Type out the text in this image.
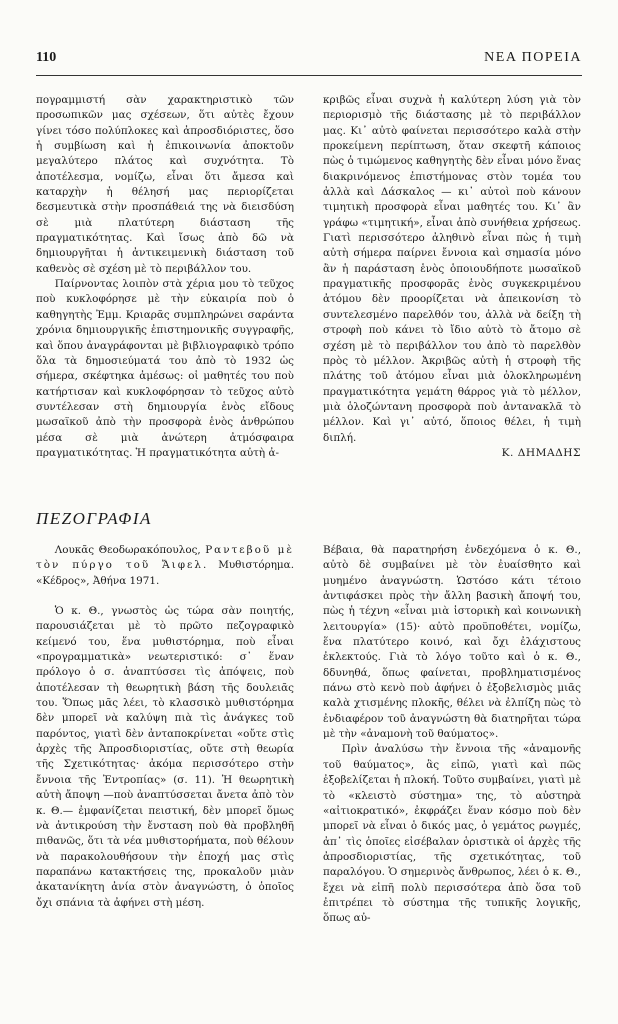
110	ΝΕΑ ΠΟΡΕΙΑ

πογραμμιστή σὰν χαρακτηριστικὸ τῶν προσωπικῶν μας σχέσεων, ὅτι αὐτὲς ἔχουν γίνει τόσο πολύπλοκες καὶ ἀπροσδιόριστες, ὅσο ἡ συμβίωση καὶ ἡ ἐπικοινωνία ἀποκτοῦν μεγαλύτερο πλάτος καὶ συχνότητα. Τὸ ἀποτέλεσμα, νομίζω, εἶναι ὅτι ἄμεσα καὶ καταρχὴν ἡ θέλησή μας περιορίζεται δεσμευτικὰ στὴν προσπάθειά της νὰ διεισδύση σὲ μιὰ πλατύτερη διάσταση τῆς πραγματικότητας. Καὶ ἴσως ἀπὸ δῶ νὰ δημιουργῆται ἡ ἀντικειμενικὴ διάσταση τοῦ καθενὸς σὲ σχέση μὲ τὸ περιβάλλον του.

Παίρνοντας λοιπὸν στὰ χέρια μου τὸ τεῦχος ποὺ κυκλοφόρησε μὲ τὴν εὐκαιρία ποὺ ὁ καθηγητὴς Ἐμμ. Κριαρᾶς συμπληρώνει σαράντα χρόνια δημιουργικῆς ἐπιστημονικῆς συγγραφῆς, καὶ ὅπου ἀναγράφονται μὲ βιβλιογραφικὸ τρόπο ὅλα τὰ δημοσιεύματά του ἀπὸ τὸ 1932 ὡς σήμερα, σκέφτηκα ἀμέσως: οἱ μαθητές του ποὺ κατήρτισαν καὶ κυκλοφόρησαν τὸ τεῦχος αὐτὸ συντέλεσαν στὴ δημιουργία ἑνὸς εἴδους μωσαϊκοῦ ἀπὸ τὴν προσφορὰ ἑνὸς ἀνθρώπου μέσα σὲ μιὰ ἀνώτερη ἀτμόσφαιρα πραγματικότητας. Ἡ πραγματικότητα αὐτὴ ἀ-

κριβῶς εἶναι συχνὰ ἡ καλύτερη λύση γιὰ τὸν περιορισμὸ τῆς διάστασης μὲ τὸ περιβάλλον μας. Κι᾽ αὐτὸ φαίνεται περισσότερο καλὰ στὴν προκείμενη περίπτωση, ὅταν σκεφτῆ κάποιος πὼς ὁ τιμώμενος καθηγητὴς δὲν εἶναι μόνο ἕνας διακρινόμενος ἐπιστήμονας στὸν τομέα του ἀλλὰ καὶ Δάσκαλος — κι᾽ αὐτοὶ ποὺ κάνουν τιμητικὴ προσφορὰ εἶναι μαθητές του. Κι᾽ ἂν γράφω «τιμητική», εἶναι ἀπὸ συνήθεια χρήσεως. Γιατὶ περισσότερο ἀληθινὸ εἶναι πὼς ἡ τιμὴ αὐτὴ σήμερα παίρνει ἔννοια καὶ σημασία μόνο ἂν ἡ παράσταση ἑνὸς ὁποιουδήποτε μωσαϊκοῦ πραγματικῆς προσφορᾶς ἑνὸς συγκεκριμένου ἀτόμου δὲν προορίζεται νὰ ἀπεικονίση τὸ συντελεσμένο παρελθόν του, ἀλλὰ νὰ δείξη τὴ στροφὴ ποὺ κάνει τὸ ἴδιο αὐτὸ τὸ ἄτομο σὲ σχέση μὲ τὸ περιβάλλον του ἀπὸ τὸ παρελθὸν πρὸς τὸ μέλλον. Ἀκριβῶς αὐτὴ ἡ στροφὴ τῆς πλάτης τοῦ ἀτόμου εἶναι μιὰ ὁλοκληρωμένη πραγματικότητα γεμάτη θάρρος γιὰ τὸ μέλλον, μιὰ ὁλοζώντανη προσφορὰ ποὺ ἀντανακλᾶ τὸ μέλλον. Καὶ γι᾽ αὐτό, ὅποιος θέλει, ἡ τιμὴ διπλή.

Κ. ΔΗΜΑΔΗΣ

ΠΕΖΟΓΡΑΦΙΑ

Λουκᾶς Θεοδωρακόπουλος, Ραντεβοῦ μὲ τὸν πύργο τοῦ Ἄιφελ. Μυθιστόρημα. «Κέδρος», Ἀθήνα 1971.

Ὁ κ. Θ., γνωστὸς ὡς τώρα σὰν ποιητής, παρουσιάζεται μὲ τὸ πρῶτο πεζογραφικὸ κείμενό του, ἕνα μυθιστόρημα, ποὺ εἶναι «προγραμματικὰ» νεωτεριστικό: σ᾽ ἕναν πρόλογο ὁ σ. ἀναπτύσσει τὶς ἀπόψεις, ποὺ ἀποτέλεσαν τὴ θεωρητικὴ βάση τῆς δουλειᾶς του. Ὅπως μᾶς λέει, τὸ κλασσικὸ μυθιστόρημα δὲν μπορεῖ νὰ καλύψη πιὰ τὶς ἀνάγκες τοῦ παρόντος, γιατὶ δὲν ἀνταποκρίνεται «οὔτε στὶς ἀρχὲς τῆς Ἀπροσδιοριστίας, οὔτε στὴ θεωρία τῆς Σχετικότητας· ἀκόμα περισσότερο στὴν ἔννοια τῆς Ἐντροπίας» (σ. 11). Ἡ θεωρητικὴ αὐτὴ ἄποψη —ποὺ ἀναπτύσσεται ἄνετα ἀπὸ τὸν κ. Θ.— ἐμφανίζεται πειστική, δὲν μπορεῖ ὅμως νὰ ἀντικρούση τὴν ἔνσταση ποὺ θὰ προβληθῆ πιθανῶς, ὅτι τὰ νέα μυθιστορήματα, ποὺ θέλουν νὰ παρακολουθήσουν τὴν ἐποχή μας στὶς παραπάνω κατακτήσεις της, προκαλοῦν μιὰν ἀκατανίκητη ἀνία στὸν ἀναγνώστη, ὁ ὁποῖος ὄχι σπάνια τὰ ἀφήνει στὴ μέση.

Βέβαια, θὰ παρατηρήση ἐνδεχόμενα ὁ κ. Θ., αὐτὸ δὲ συμβαίνει μὲ τὸν ἐυαίσθητο καὶ μυημένο ἀναγνώστη. Ὡστόσο κάτι τέτοιο ἀντιφάσκει πρὸς τὴν ἄλλη βασικὴ ἄποψή του, πὼς ἡ τέχνη «εἶναι μιὰ ἱστορικὴ καὶ κοινωνικὴ λειτουργία» (15)· αὐτὸ προϋποθέτει, νομίζω, ἕνα πλατύτερο κοινό, καὶ ὄχι ἐλάχιστους ἐκλεκτούς. Γιὰ τὸ λόγο τοῦτο καὶ ὁ κ. Θ., δδυνηθά, ὅπως φαίνεται, προβληματισμένος πάνω στὸ κενὸ ποὺ ἀφήνει ὁ ἐξοβελισμὸς μιᾶς καλὰ χτισμένης πλοκῆς, θέλει νὰ ἐλπίζη πὼς τὸ ἐνδιαφέρον τοῦ ἀναγνώστη θὰ διατηρῆται τώρα μὲ τὴν «ἀναμονὴ τοῦ θαύματος».

Πρὶν ἀναλύσω τὴν ἔννοια τῆς «ἀναμονῆς τοῦ θαύματος», ἂς εἰπῶ, γιατὶ καὶ πῶς ἐξοβελίζεται ἡ πλοκή. Τοῦτο συμβαίνει, γιατὶ μὲ τὸ «κλειστὸ σύστημα» της, τὸ αὐστηρὰ «αἰτιοκρατικό», ἐκφράζει ἕναν κόσμο ποὺ δὲν μπορεῖ νὰ εἶναι ὁ δικός μας, ὁ γεμάτος ρωγμές, ἀπ᾽ τὶς ὁποῖες εἰσέβαλαν ὁριστικὰ οἱ ἀρχὲς τῆς ἀπροσδιοριστίας, τῆς σχετικότητας, τοῦ παραλόγου. Ὁ σημερινὸς ἄνθρωπος, λέει ὁ κ. Θ., ἔχει νὰ εἰπῆ πολὺ περισσότερα ἀπὸ ὅσα τοῦ ἐπιτρέπει τὸ σύστημα τῆς τυπικῆς λογικῆς, ὅπως αὐ-
